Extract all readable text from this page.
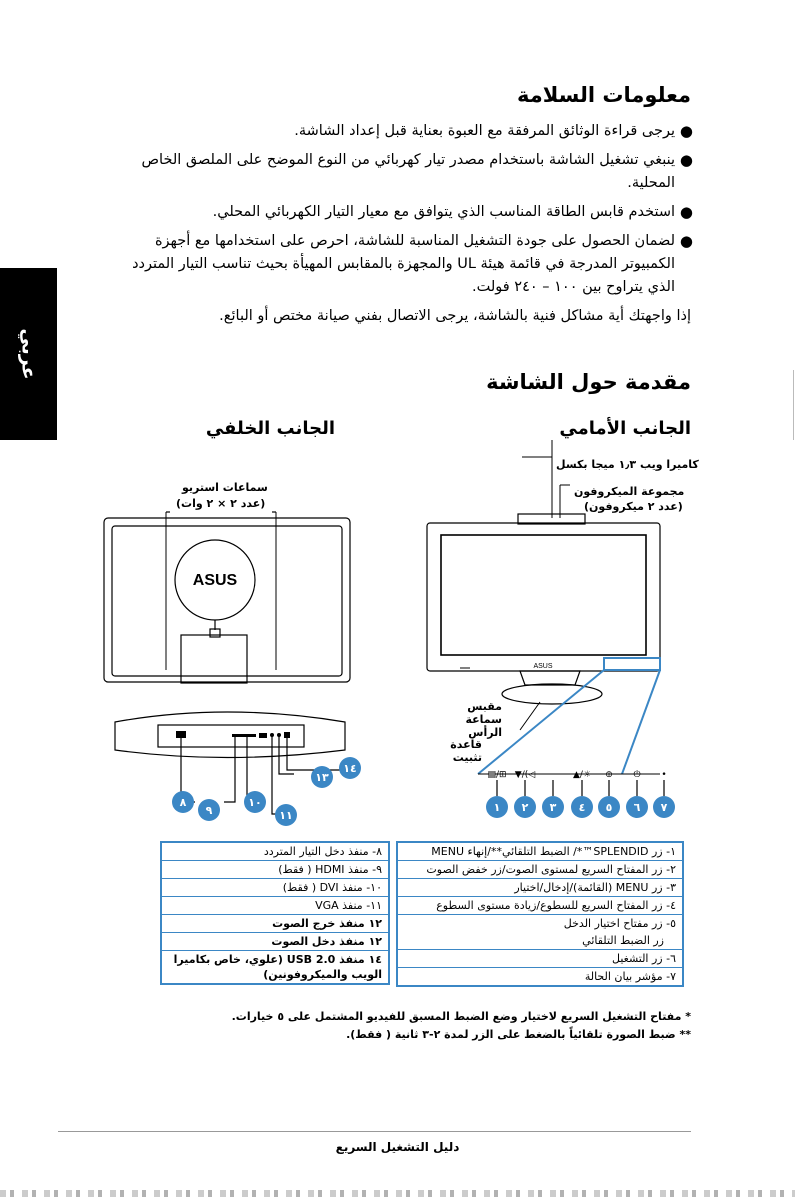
عربي
معلومات السلامة
●
يرجى قراءة الوثائق المرفقة مع العبوة بعناية قبل إعداد الشاشة.
●
ينبغي تشغيل الشاشة باستخدام مصدر تيار كهربائي من النوع الموضح على الملصق الخاص المحلية.
●
استخدم قابس الطاقة المناسب الذي يتوافق مع معيار التيار الكهربائي المحلي.
●
لضمان الحصول على جودة التشغيل المناسبة للشاشة، احرص على استخدامها مع أجهزة الكمبيوتر المدرجة في قائمة هيئة UL والمجهزة بالمقابس المهيأة بحيث تناسب التيار المتردد الذي يتراوح بين ١٠٠ – ٢٤٠ فولت.
إذا واجهتك أية مشاكل فنية بالشاشة، يرجى الاتصال بفني صيانة مختص أو البائع.
مقدمة حول الشاشة
الجانب الأمامي
الجانب الخلفي
ASUS
ASUS
⊞/▤ ◁)/▼	☼/▲ ⊕ ⏻ •
١ ٢ ٣ ٤ ٥ ٦ ٧
٨
٩
١٠
١١
١٣
١٤
كاميرا ويب ١٫٣ ميجا بكسل
مجموعة الميكروفون
(عدد ٢ ميكروفون)
مقبس سماعة الرأس
قاعدة تثبيت
سماعات استريو
(عدد ٢ × ٢ وات)
١- زر SPLENDID™*/ الضبط التلقائي**/إنهاء MENU
٢- زر المفتاح السريع لمستوى الصوت/زر خفض الصوت
٣- زر MENU (القائمة)/إدخال/اختيار
٤- زر المفتاح السريع للسطوع/زيادة مستوى السطوع
٥- زر مفتاح اختيار الدخل
زر الضبط التلقائي
٦- زر التشغيل
٧- مؤشر بيان الحالة
٨- منفذ دخل التيار المتردد
٩- منفذ HDMI ( فقط)
١٠- منفذ DVI ( فقط)
١١- منفذ VGA
١٢ منفذ خرج الصوت
١٢ منفذ دخل الصوت
١٤ منفذ USB 2.0 (علوي، خاص بكاميرا الويب والميكروفونين)
* مفتاح التشغيل السريع لاختيار وضع الضبط المسبق للفيديو المشتمل على ٥ خيارات.
** ضبط الصورة تلقائياً بالضغط على الزر لمدة ٢-٣ ثانية ( فقط).
دليل التشغيل السريع
